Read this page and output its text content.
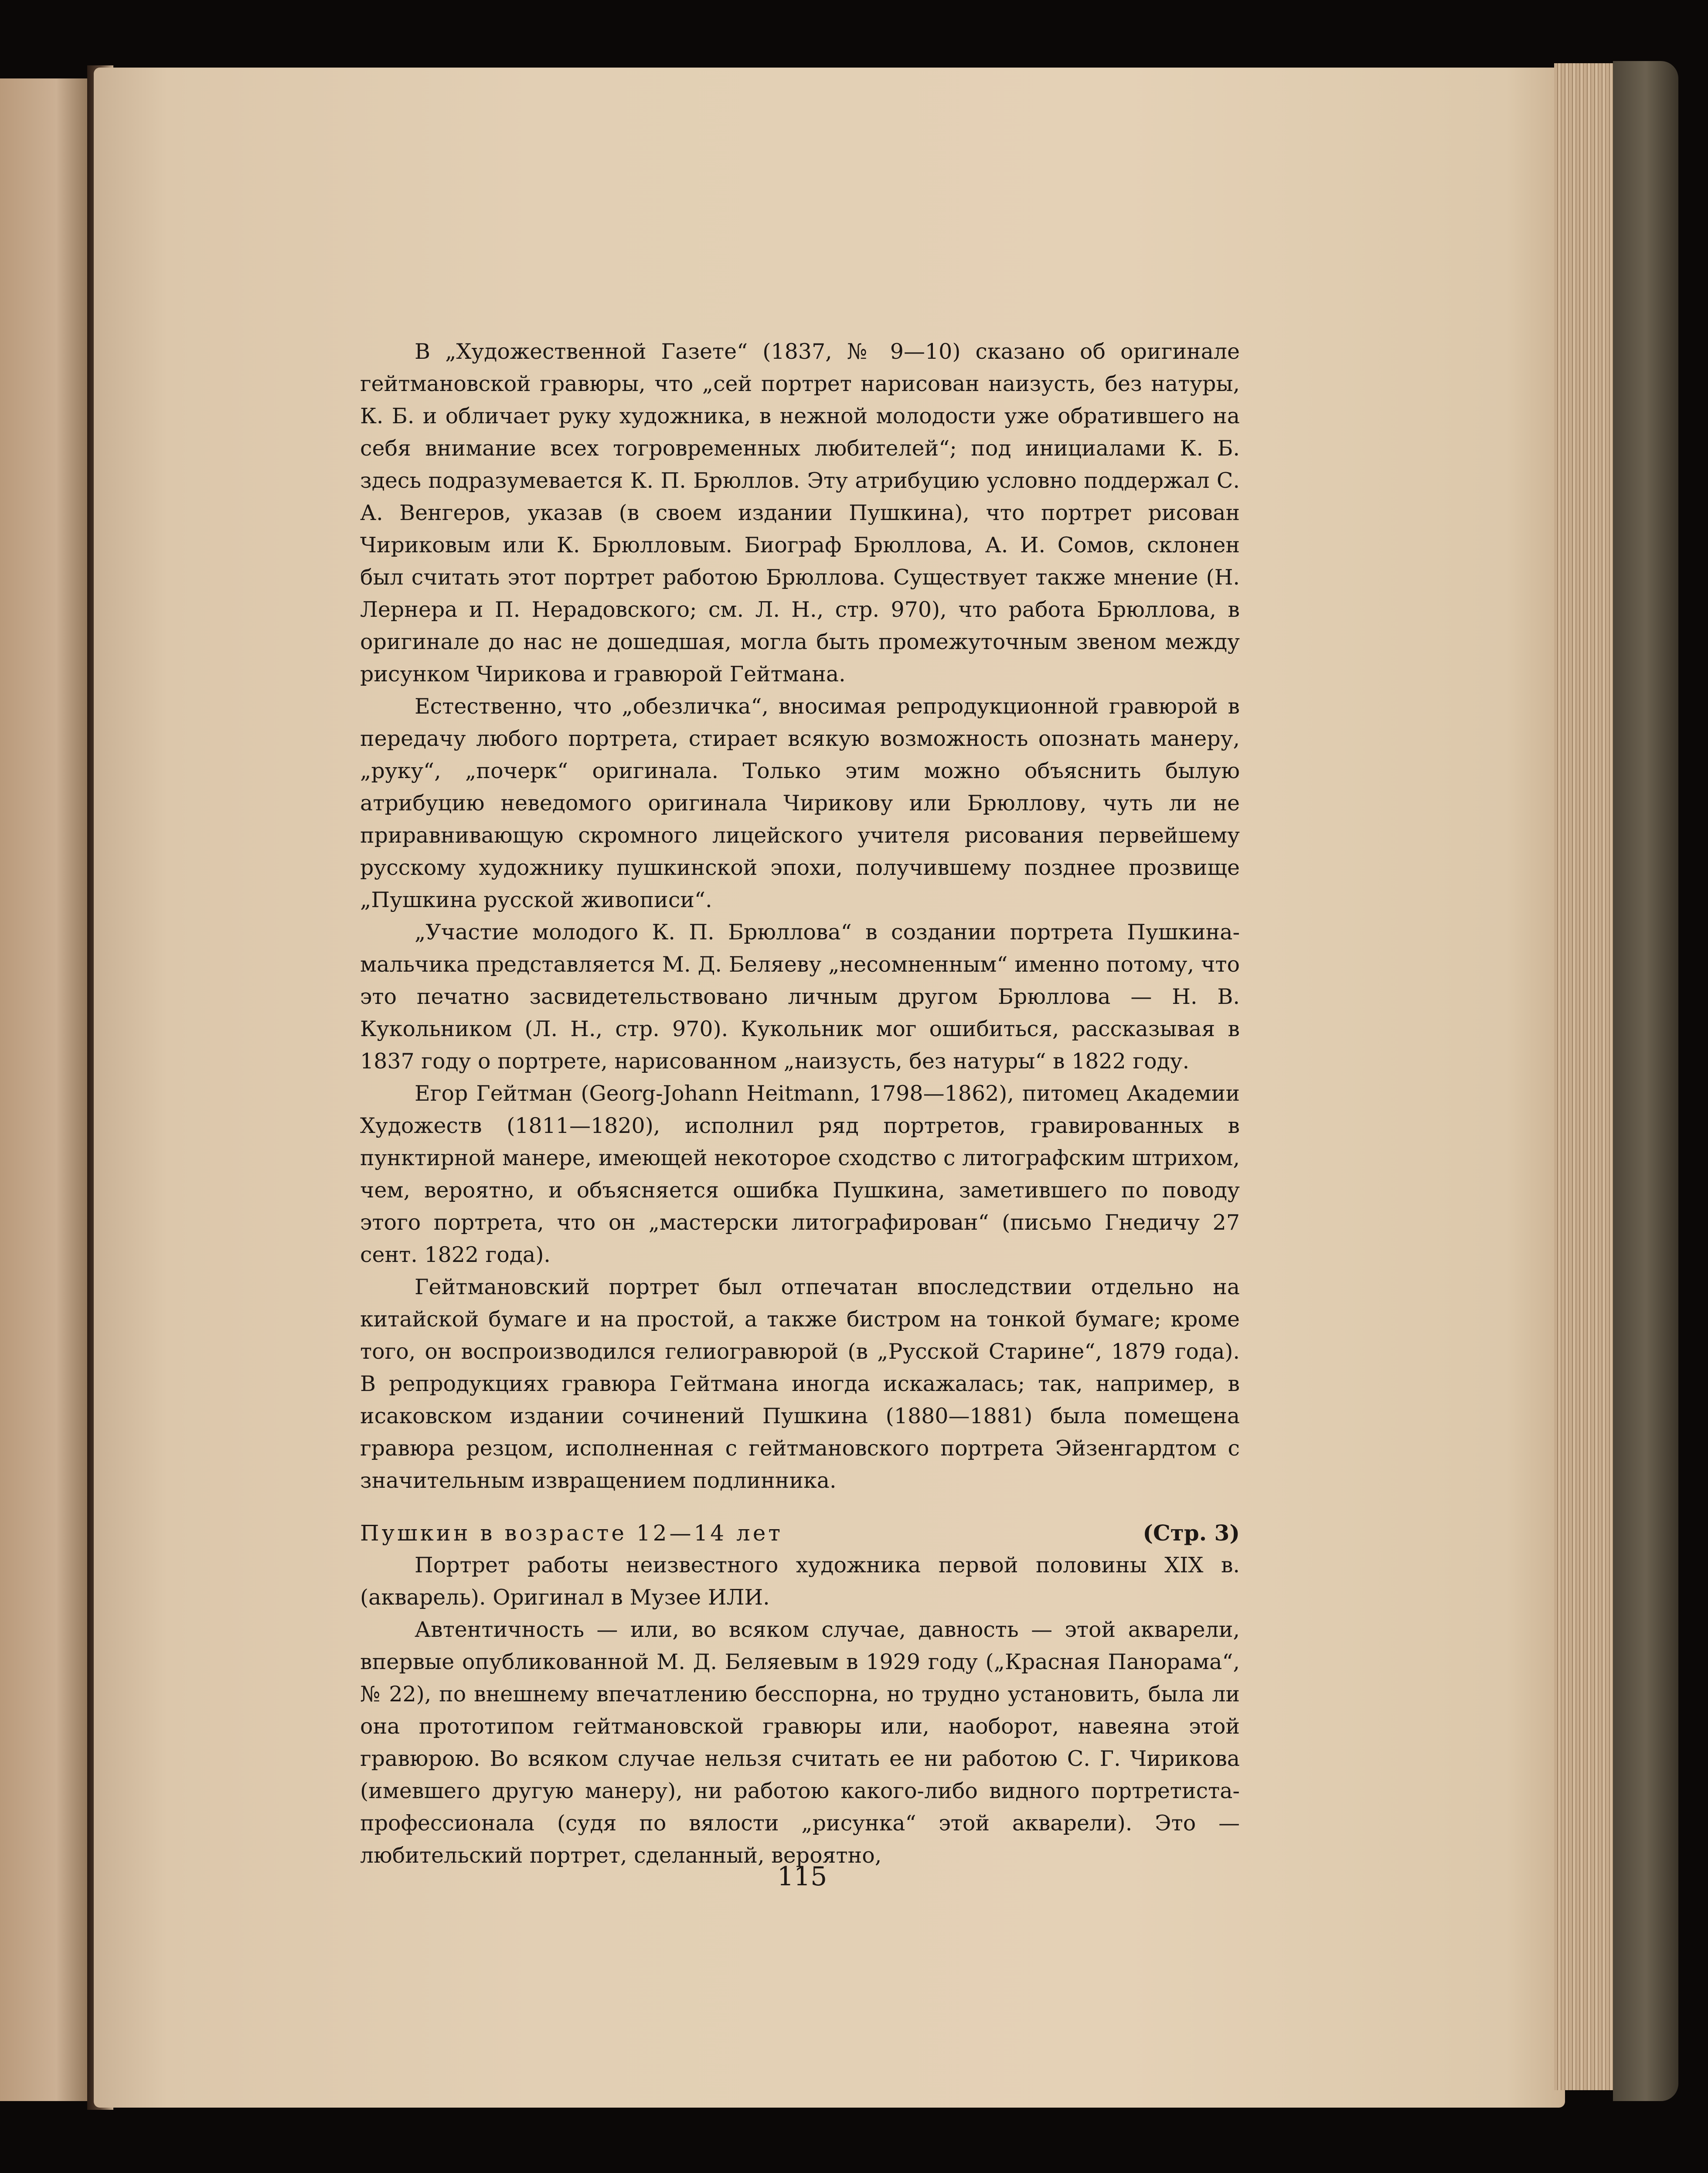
В „Художественной Газете“ (1837, № 9—10) сказано об оригинале гейтмановской гравюры, что „сей портрет нарисован наизусть, без натуры, К. Б. и обличает руку художника, в нежной молодости уже обратившего на себя внимание всех тогровременных любителей“; под инициалами К. Б. здесь подразумевается К. П. Брюллов. Эту атрибуцию условно поддержал С. А. Венгеров, указав (в своем издании Пушкина), что портрет рисован Чириковым или К. Брюлловым. Биограф Брюллова, А. И. Сомов, склонен был считать этот портрет работою Брюллова. Существует также мнение (Н. Лернера и П. Нерадовского; см. Л. Н., стр. 970), что работа Брюллова, в оригинале до нас не дошедшая, могла быть промежуточным звеном между рисунком Чирикова и гравюрой Гейтмана.

Естественно, что „обезличка“, вносимая репродукционной гравюрой в передачу любого портрета, стирает всякую возможность опознать манеру, „руку“, „почерк“ оригинала. Только этим можно объяснить былую атрибуцию неведомого оригинала Чирикову или Брюллову, чуть ли не приравнивающую скромного лицейского учителя рисования первейшему русскому художнику пушкинской эпохи, получившему позднее прозвище „Пушкина русской живописи“.

„Участие молодого К. П. Брюллова“ в создании портрета Пушкина-мальчика представляется М. Д. Беляеву „несомненным“ именно потому, что это печатно засвидетельствовано личным другом Брюллова — Н. В. Кукольником (Л. Н., стр. 970). Кукольник мог ошибиться, рассказывая в 1837 году о портрете, нарисованном „наизусть, без натуры“ в 1822 году.

Егор Гейтман (Georg-Johann Heitmann, 1798—1862), питомец Академии Художеств (1811—1820), исполнил ряд портретов, гравированных в пунктирной манере, имеющей некоторое сходство с литографским штрихом, чем, вероятно, и объясняется ошибка Пушкина, заметившего по поводу этого портрета, что он „мастерски литографирован“ (письмо Гнедичу 27 сент. 1822 года).

Гейтмановский портрет был отпечатан впоследствии отдельно на китайской бумаге и на простой, а также бистром на тонкой бумаге; кроме того, он воспроизводился гелиогравюрой (в „Русской Старине“, 1879 года). В репродукциях гравюра Гейтмана иногда искажалась; так, например, в исаковском издании сочинений Пушкина (1880—1881) была помещена гравюра резцом, исполненная с гейтмановского портрета Эйзенгардтом с значительным извращением подлинника.

Пушкин в возрасте 12—14 лет	(Стр. 3)

Портрет работы неизвестного художника первой половины XIX в. (акварель). Оригинал в Музее ИЛИ.

Автентичность — или, во всяком случае, давность — этой акварели, впервые опубликованной М. Д. Беляевым в 1929 году („Красная Панорама“, № 22), по внешнему впечатлению бесспорна, но трудно установить, была ли она прототипом гейтмановской гравюры или, наоборот, навеяна этой гравюрою. Во всяком случае нельзя считать ее ни работою С. Г. Чирикова (имевшего другую манеру), ни работою какого-либо видного портретиста-профессионала (судя по вялости „рисунка“ этой акварели). Это — любительский портрет, сделанный, вероятно,

115
